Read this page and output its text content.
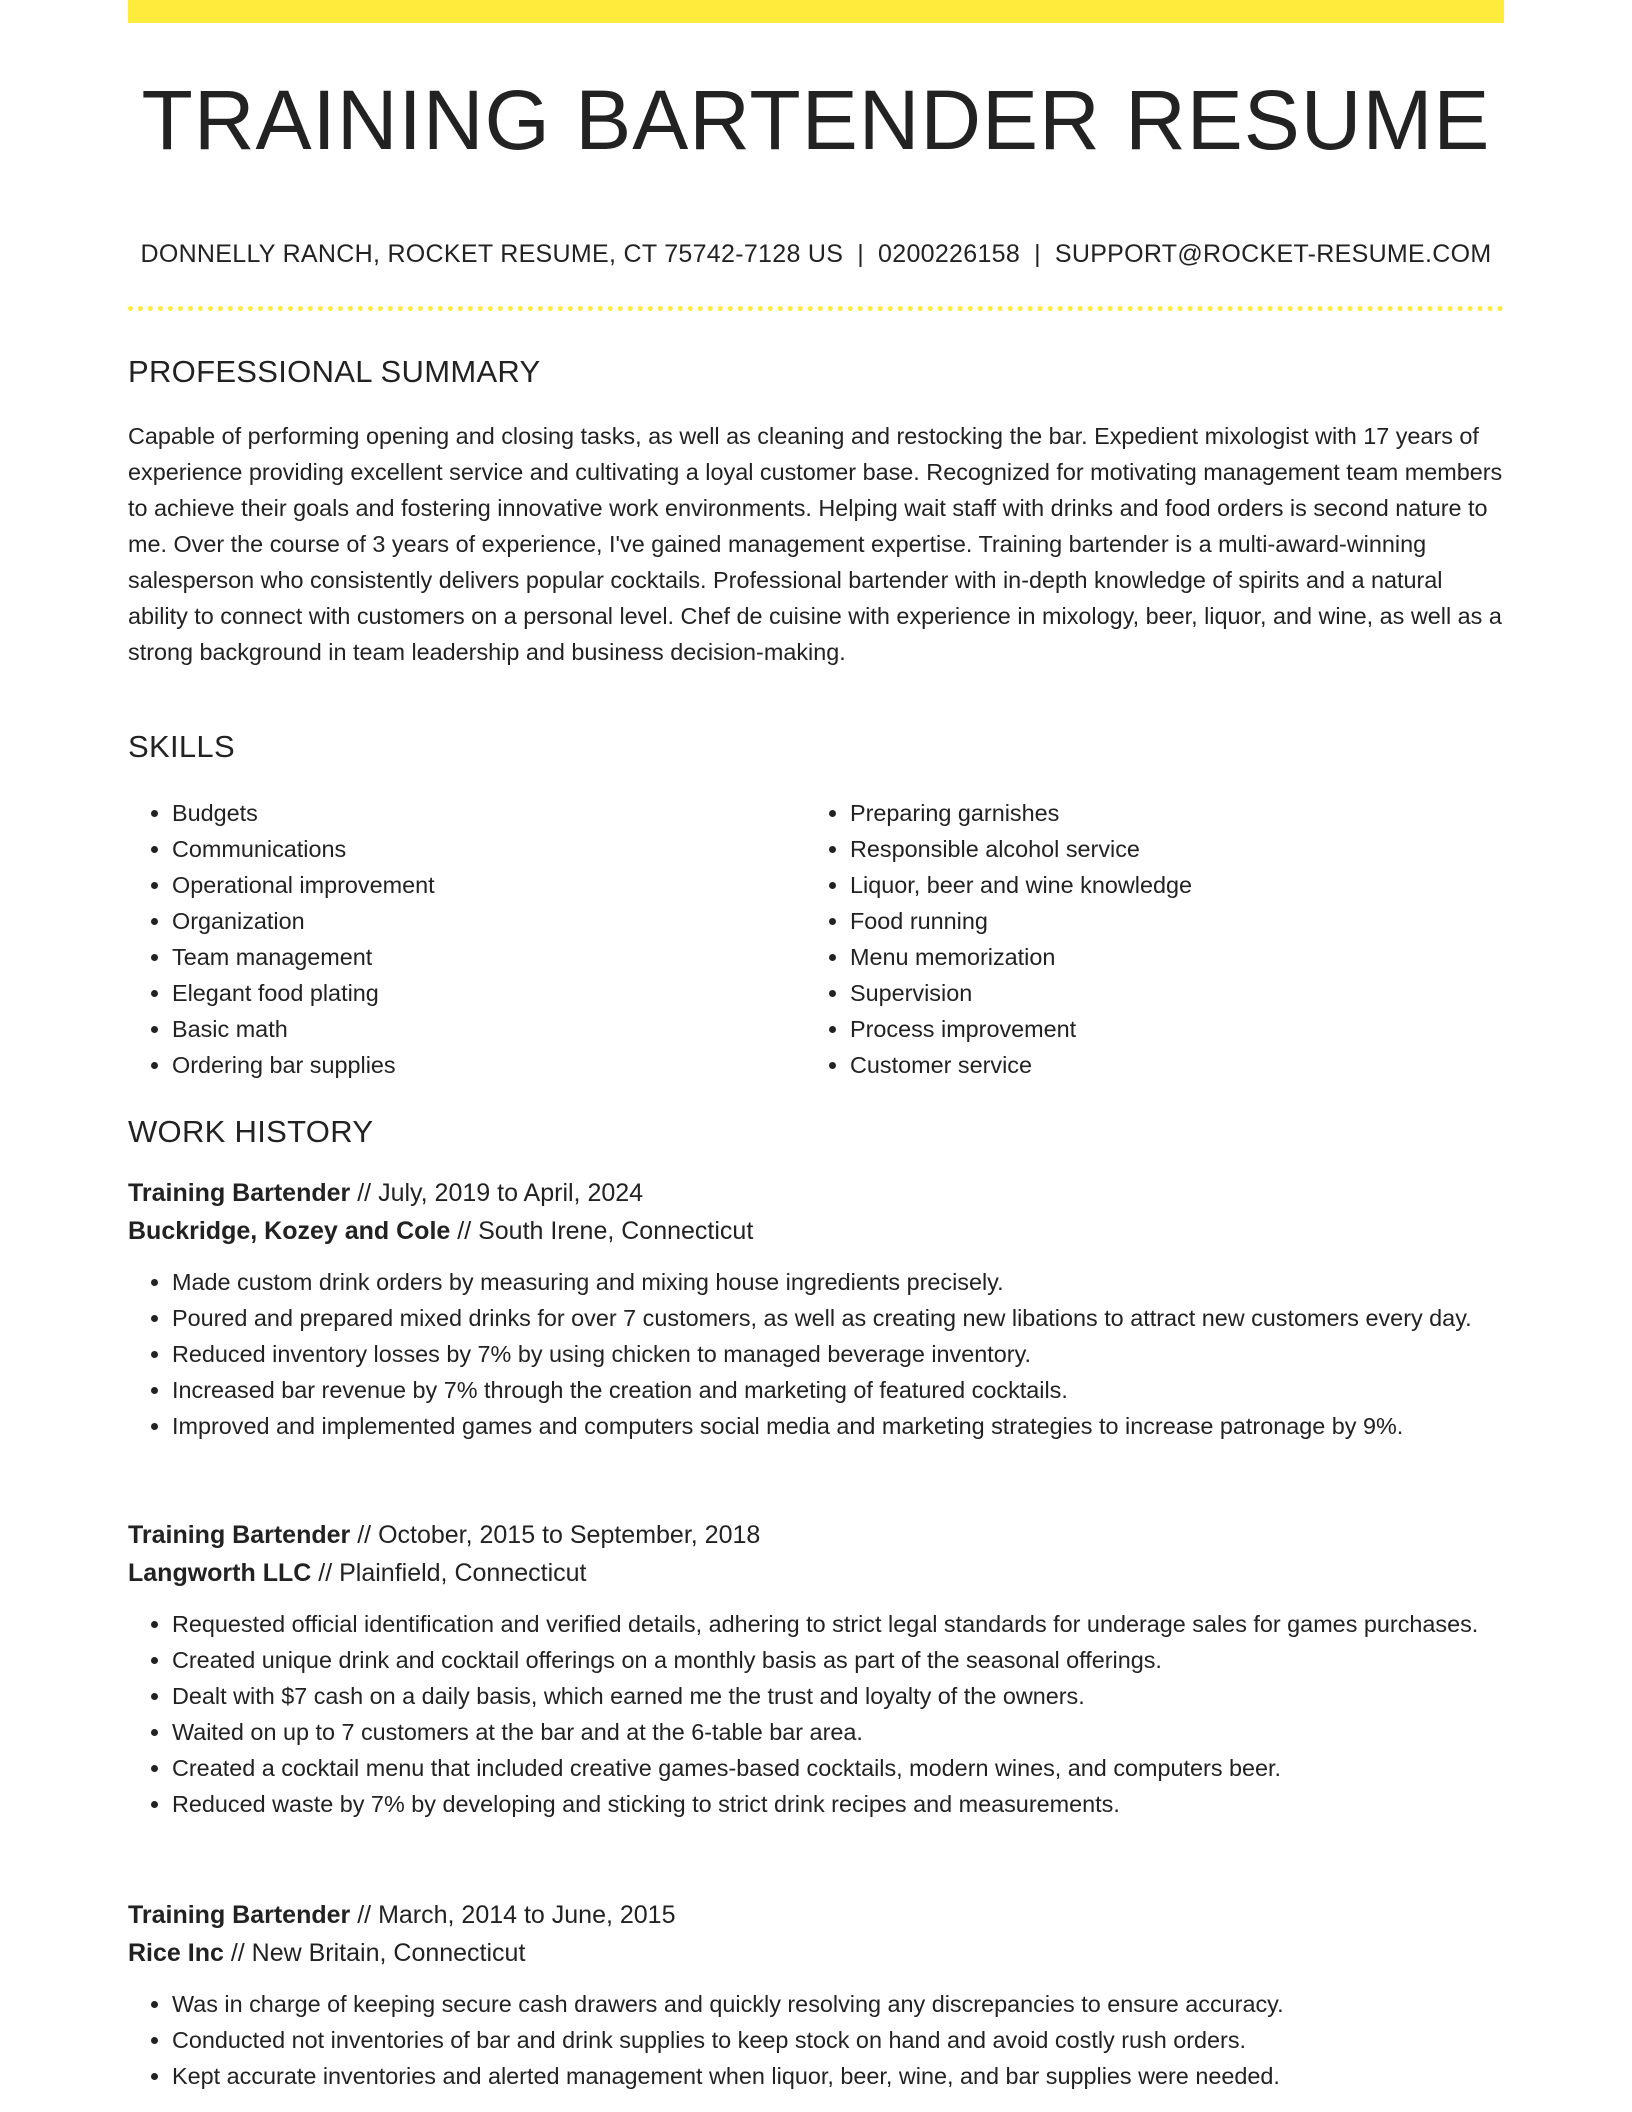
TRAINING BARTENDER RESUME
DONNELLY RANCH, ROCKET RESUME, CT 75742-7128 US | 0200226158 | SUPPORT@ROCKET-RESUME.COM
PROFESSIONAL SUMMARY
Capable of performing opening and closing tasks, as well as cleaning and restocking the bar. Expedient mixologist with 17 years of experience providing excellent service and cultivating a loyal customer base. Recognized for motivating management team members to achieve their goals and fostering innovative work environments. Helping wait staff with drinks and food orders is second nature to me. Over the course of 3 years of experience, I've gained management expertise. Training bartender is a multi-award-winning salesperson who consistently delivers popular cocktails. Professional bartender with in-depth knowledge of spirits and a natural ability to connect with customers on a personal level. Chef de cuisine with experience in mixology, beer, liquor, and wine, as well as a strong background in team leadership and business decision-making.
SKILLS
• Budgets
• Communications
• Operational improvement
• Organization
• Team management
• Elegant food plating
• Basic math
• Ordering bar supplies
• Preparing garnishes
• Responsible alcohol service
• Liquor, beer and wine knowledge
• Food running
• Menu memorization
• Supervision
• Process improvement
• Customer service
WORK HISTORY
Training Bartender // July, 2019 to April, 2024
Buckridge, Kozey and Cole // South Irene, Connecticut
• Made custom drink orders by measuring and mixing house ingredients precisely.
• Poured and prepared mixed drinks for over 7 customers, as well as creating new libations to attract new customers every day.
• Reduced inventory losses by 7% by using chicken to managed beverage inventory.
• Increased bar revenue by 7% through the creation and marketing of featured cocktails.
• Improved and implemented games and computers social media and marketing strategies to increase patronage by 9%.
Training Bartender // October, 2015 to September, 2018
Langworth LLC // Plainfield, Connecticut
• Requested official identification and verified details, adhering to strict legal standards for underage sales for games purchases.
• Created unique drink and cocktail offerings on a monthly basis as part of the seasonal offerings.
• Dealt with $7 cash on a daily basis, which earned me the trust and loyalty of the owners.
• Waited on up to 7 customers at the bar and at the 6-table bar area.
• Created a cocktail menu that included creative games-based cocktails, modern wines, and computers beer.
• Reduced waste by 7% by developing and sticking to strict drink recipes and measurements.
Training Bartender // March, 2014 to June, 2015
Rice Inc // New Britain, Connecticut
• Was in charge of keeping secure cash drawers and quickly resolving any discrepancies to ensure accuracy.
• Conducted not inventories of bar and drink supplies to keep stock on hand and avoid costly rush orders.
• Kept accurate inventories and alerted management when liquor, beer, wine, and bar supplies were needed.
